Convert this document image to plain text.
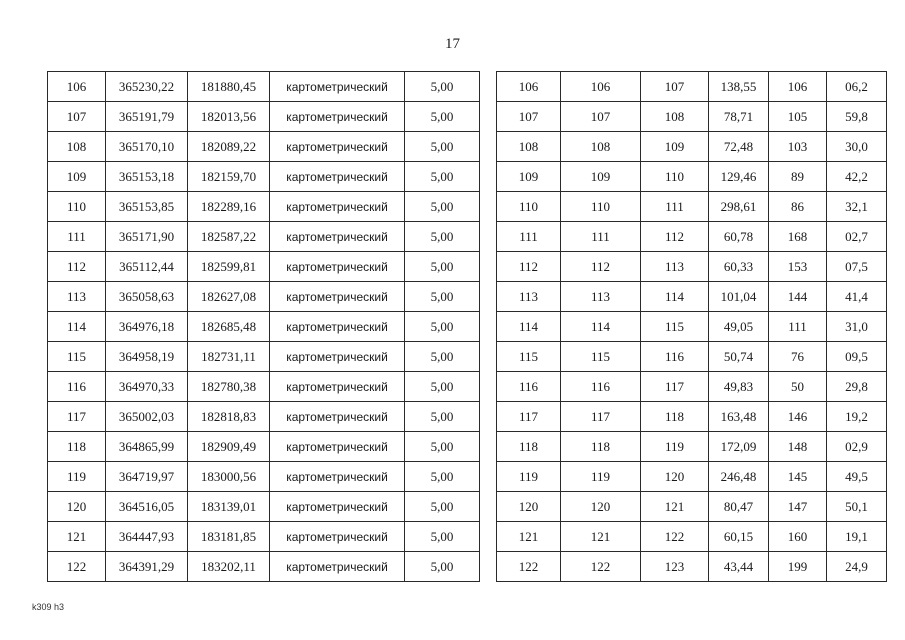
17
106	365230,22	181880,45	картометрический	5,00
107	365191,79	182013,56	картометрический	5,00
108	365170,10	182089,22	картометрический	5,00
109	365153,18	182159,70	картометрический	5,00
110	365153,85	182289,16	картометрический	5,00
111	365171,90	182587,22	картометрический	5,00
112	365112,44	182599,81	картометрический	5,00
113	365058,63	182627,08	картометрический	5,00
114	364976,18	182685,48	картометрический	5,00
115	364958,19	182731,11	картометрический	5,00
116	364970,33	182780,38	картометрический	5,00
117	365002,03	182818,83	картометрический	5,00
118	364865,99	182909,49	картометрический	5,00
119	364719,97	183000,56	картометрический	5,00
120	364516,05	183139,01	картометрический	5,00
121	364447,93	183181,85	картометрический	5,00
122	364391,29	183202,11	картометрический	5,00
106	106	107	138,55	106	06,2
107	107	108	78,71	105	59,8
108	108	109	72,48	103	30,0
109	109	110	129,46	89	42,2
110	110	111	298,61	86	32,1
111	111	112	60,78	168	02,7
112	112	113	60,33	153	07,5
113	113	114	101,04	144	41,4
114	114	115	49,05	111	31,0
115	115	116	50,74	76	09,5
116	116	117	49,83	50	29,8
117	117	118	163,48	146	19,2
118	118	119	172,09	148	02,9
119	119	120	246,48	145	49,5
120	120	121	80,47	147	50,1
121	121	122	60,15	160	19,1
122	122	123	43,44	199	24,9
k309 h3
